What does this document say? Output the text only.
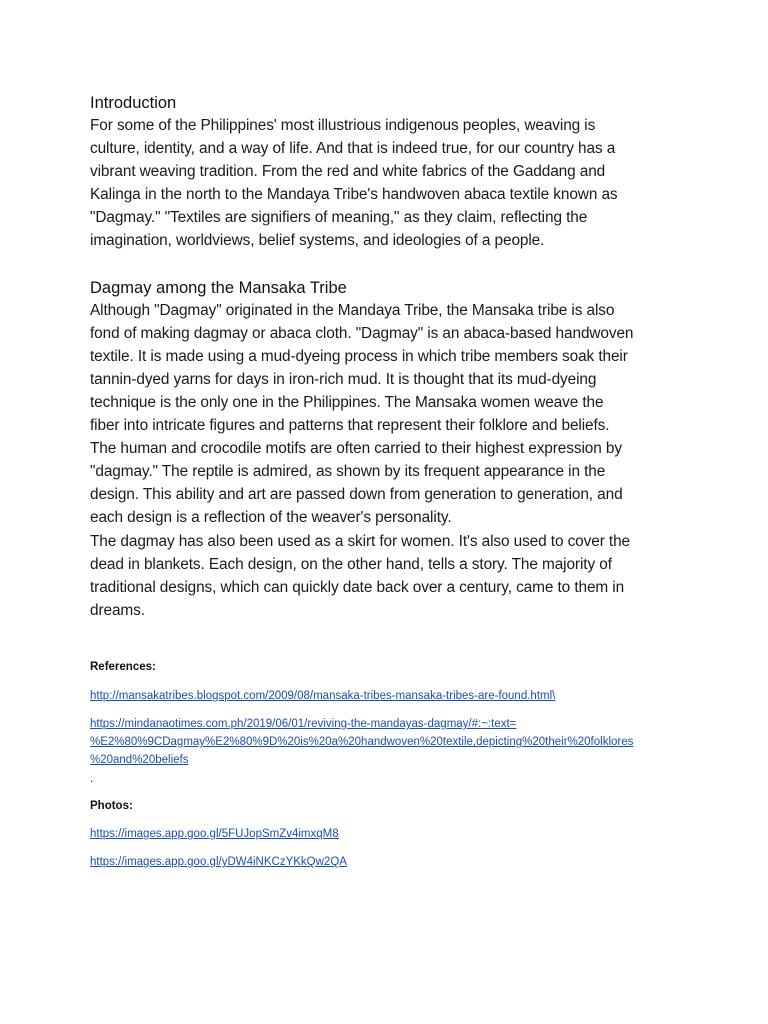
Introduction

For some of the Philippines' most illustrious indigenous peoples, weaving is
culture, identity, and a way of life. And that is indeed true, for our country has a
vibrant weaving tradition. From the red and white fabrics of the Gaddang and
Kalinga in the north to the Mandaya Tribe's handwoven abaca textile known as
"Dagmay." "Textiles are signifiers of meaning," as they claim, reflecting the
imagination, worldviews, belief systems, and ideologies of a people.

Dagmay among the Mansaka Tribe

Although "Dagmay" originated in the Mandaya Tribe, the Mansaka tribe is also
fond of making dagmay or abaca cloth. "Dagmay" is an abaca-based handwoven
textile. It is made using a mud-dyeing process in which tribe members soak their
tannin-dyed yarns for days in iron-rich mud. It is thought that its mud-dyeing
technique is the only one in the Philippines. The Mansaka women weave the
fiber into intricate figures and patterns that represent their folklore and beliefs.
The human and crocodile motifs are often carried to their highest expression by
"dagmay." The reptile is admired, as shown by its frequent appearance in the
design. This ability and art are passed down from generation to generation, and
each design is a reflection of the weaver's personality.
The dagmay has also been used as a skirt for women. It's also used to cover the
dead in blankets. Each design, on the other hand, tells a story. The majority of
traditional designs, which can quickly date back over a century, came to them in
dreams.

References:

http://mansakatribes.blogspot.com/2009/08/mansaka-tribes-mansaka-tribes-are-found.html\
https://mindanaotimes.com.ph/2019/06/01/reviving-the-mandayas-dagmay/#:~:text=
%E2%80%9CDagmay%E2%80%9D%20is%20a%20handwoven%20textile,depicting%20their%20folklores
%20and%20beliefs
.

Photos:

https://images.app.goo.gl/5FUJopSmZv4imxqM8
https://images.app.goo.gl/yDW4iNKCzYKkQw2QA
